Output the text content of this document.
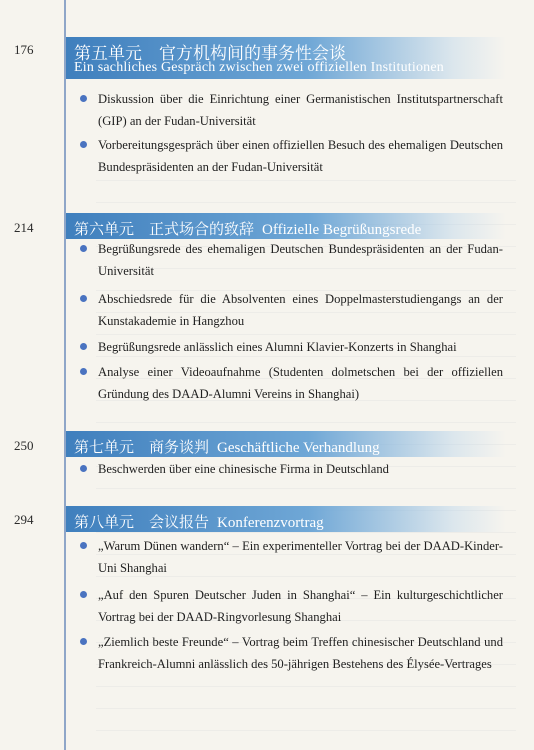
176	第五单元　官方机构间的事务性会谈
Ein sachliches Gespräch zwischen zwei offiziellen Institutionen
Diskussion über die Einrichtung einer Germanistischen Institutspartnerschaft (GIP) an der Fudan-Universität
Vorbereitungsgespräch über einen offiziellen Besuch des ehemaligen Deutschen Bundespräsidenten an der Fudan-Universität
214	第六单元　正式场合的致辞 Offizielle Begrüßungsrede
Begrüßungsrede des ehemaligen Deutschen Bundespräsidenten an der Fudan-Universität
Abschiedsrede für die Absolventen eines Doppelmasterstudiengangs an der Kunstakademie in Hangzhou
Begrüßungsrede anlässlich eines Alumni Klavier-Konzerts in Shanghai
Analyse einer Videoaufnahme (Studenten dolmetschen bei der offiziellen Gründung des DAAD-Alumni Vereins in Shanghai)
250	第七单元　商务谈判 Geschäftliche Verhandlung
Beschwerden über eine chinesische Firma in Deutschland
294	第八单元　会议报告 Konferenzvortrag
„Warum Dünen wandern“ – Ein experimenteller Vortrag bei der DAAD-Kinder-Uni Shanghai
„Auf den Spuren Deutscher Juden in Shanghai“ – Ein kulturgeschichtlicher Vortrag bei der DAAD-Ringvorlesung Shanghai
„Ziemlich beste Freunde“ – Vortrag beim Treffen chinesischer Deutschland und Frankreich-Alumni anlässlich des 50-jährigen Bestehens des Élysée-Vertrages
